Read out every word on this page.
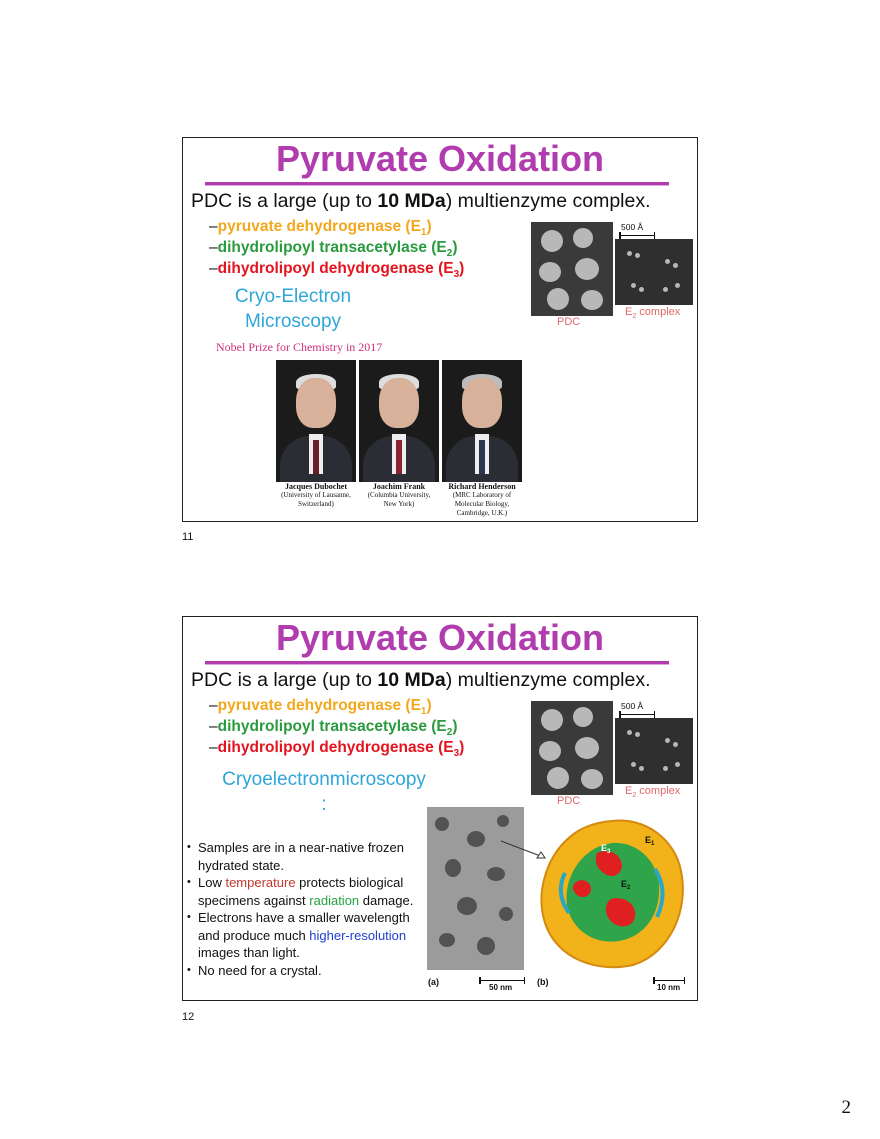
Pyruvate Oxidation
PDC is a large (up to 10 MDa) multienzyme complex.
–pyruvate dehydrogenase $(E_1)$
–dihydrolipoyl transacetylase $(E_2)$
–dihydrolipoyl dehydrogenase $(E_3)$
500 Å
PDC
$E_2$ complex
Cryo-Electron
Microscopy
Nobel Prize for Chemistry in 2017
Jacques Dubochet
(University of Lausanne,
Switzerland)
Joachim Frank
(Columbia University,
New York)
Richard Henderson
(MRC Laboratory of
Molecular Biology,
Cambridge, U.K.)
11
Pyruvate Oxidation
PDC is a large (up to 10 MDa) multienzyme complex.
–pyruvate dehydrogenase $(E_1)$
–dihydrolipoyl transacetylase $(E_2)$
–dihydrolipoyl dehydrogenase $(E_3)$
500 Å
PDC
$E_2$ complex
Cryoelectronmicroscopy
:
• Samples are in a near-native frozen hydrated state.
• Low temperature protects biological specimens against radiation damage.
• Electrons have a smaller wavelength and produce much higher-resolution images than light.
• No need for a crystal.
(a)
50 nm
(b)
10 nm
$E_1$
$E_2$
$E_3$
12
2
